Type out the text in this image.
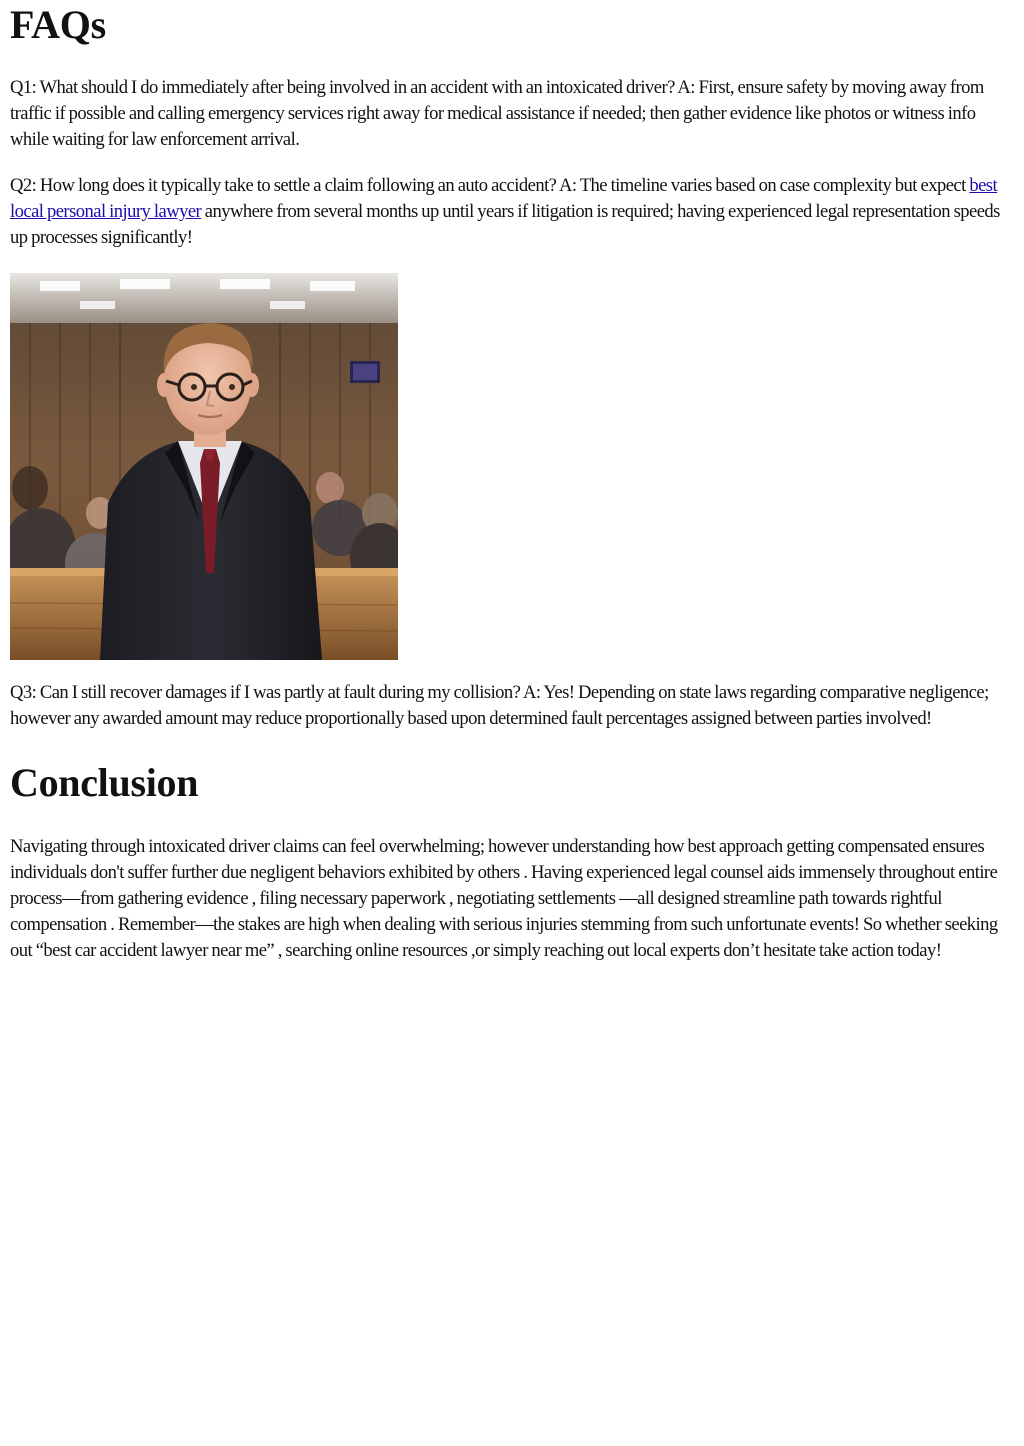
FAQs

Q1: What should I do immediately after being involved in an accident with an intoxicated driver? A: First, ensure safety by moving away from traffic if possible and calling emergency services right away for medical assistance if needed; then gather evidence like photos or witness info while waiting for law enforcement arrival.

Q2: How long does it typically take to settle a claim following an auto accident? A: The timeline varies based on case complexity but expect best local personal injury lawyer anywhere from several months up until years if litigation is required; having experienced legal representation speeds up processes significantly!

Q3: Can I still recover damages if I was partly at fault during my collision? A: Yes! Depending on state laws regarding comparative negligence; however any awarded amount may reduce proportionally based upon determined fault percentages assigned between parties involved!

Conclusion

Navigating through intoxicated driver claims can feel overwhelming; however understanding how best approach getting compensated ensures individuals don't suffer further due negligent behaviors exhibited by others . Having experienced legal counsel aids immensely throughout entire process—from gathering evidence , filing necessary paperwork , negotiating settlements —all designed streamline path towards rightful compensation . Remember—the stakes are high when dealing with serious injuries stemming from such unfortunate events! So whether seeking out “best car accident lawyer near me” , searching online resources ,or simply reaching out local experts don’t hesitate take action today!
